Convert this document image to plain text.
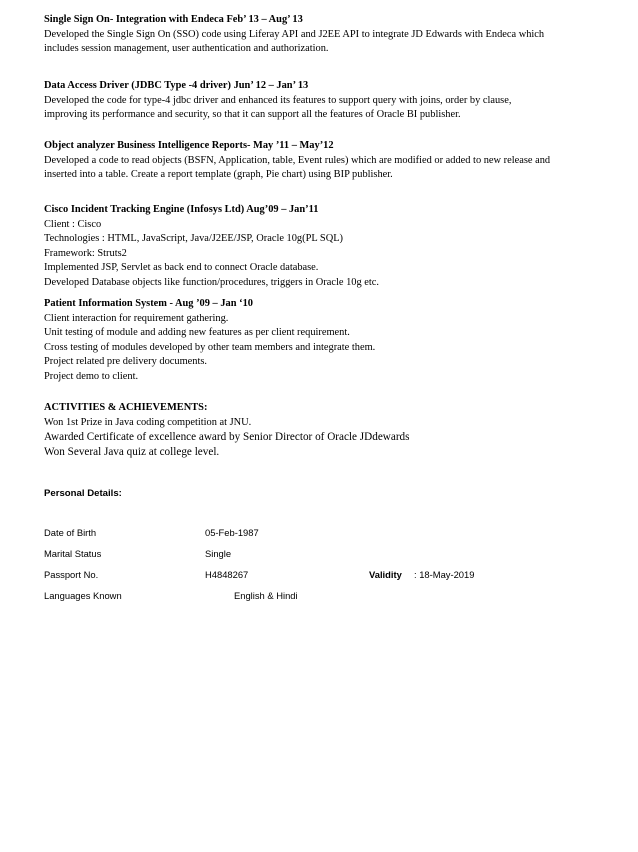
Single Sign On- Integration with Endeca Feb’ 13 – Aug’ 13
Developed the Single Sign On (SSO) code using Liferay API and J2EE API to integrate JD Edwards with Endeca which
includes session management, user authentication and authorization.
Data Access Driver (JDBC Type -4 driver) Jun’ 12 – Jan’ 13
Developed the code for type-4 jdbc driver and enhanced its features to support query with joins, order by clause,
improving its performance and security, so that it can support all the features of Oracle BI publisher.
Object analyzer Business Intelligence Reports- May ’11 – May’12
Developed a code to read objects (BSFN, Application, table, Event rules) which are modified or added to new release and
inserted into a table. Create a report template (graph, Pie chart) using BIP publisher.
Cisco Incident Tracking Engine (Infosys Ltd) Aug’09 – Jan’11
Client : Cisco
Technologies : HTML, JavaScript, Java/J2EE/JSP, Oracle 10g(PL SQL)
Framework: Struts2
Implemented JSP, Servlet as back end to connect Oracle database.
Developed Database objects like function/procedures, triggers in Oracle 10g etc.
Patient Information System - Aug ’09 – Jan ‘10
Client interaction for requirement gathering.
Unit testing of module and adding new features as per client requirement.
Cross testing of modules developed by other team members and integrate them.
Project related pre delivery documents.
Project demo to client.
ACTIVITIES & ACHIEVEMENTS:
Won 1st Prize in Java coding competition at JNU.
Awarded Certificate of excellence award by Senior Director of Oracle JDdewards
Won Several Java quiz at college level.
Personal Details:
Date of Birth	05-Feb-1987
Marital Status	Single
Passport No.	H4848267	Validity : 18-May-2019
Languages Known	English & Hindi
